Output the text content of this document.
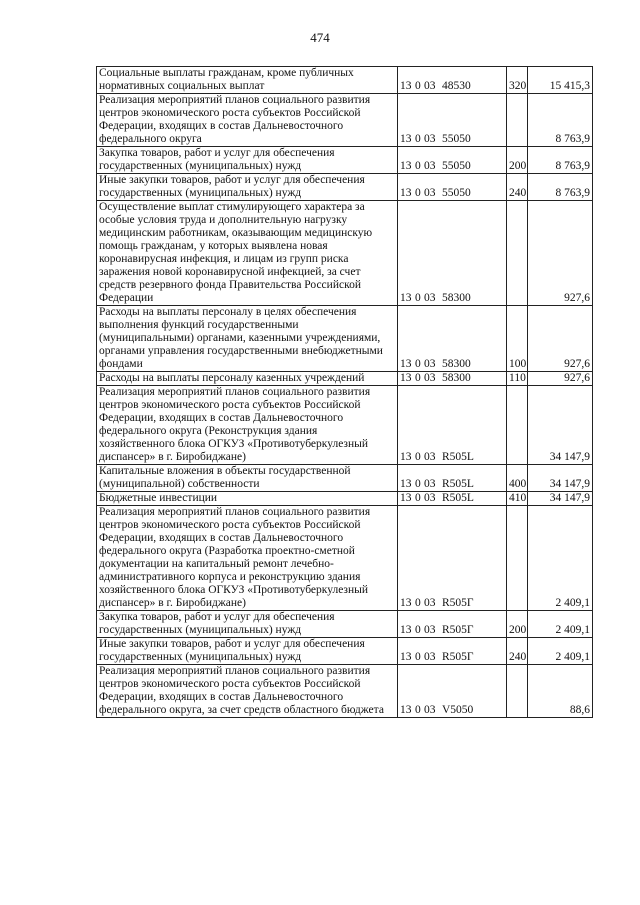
474
Социальные выплаты гражданам, кроме публичных нормативных социальных выплат	13 0 03 48530	320	15 415,3
Реализация мероприятий планов социального развития центров экономического роста субъектов Российской Федерации, входящих в состав Дальневосточного федерального округа	13 0 03 55050		8 763,9
Закупка товаров, работ и услуг для обеспечения государственных (муниципальных) нужд	13 0 03 55050	200	8 763,9
Иные закупки товаров, работ и услуг для обеспечения государственных (муниципальных) нужд	13 0 03 55050	240	8 763,9
Осуществление выплат стимулирующего характера за особые условия труда и дополнительную нагрузку медицинским работникам, оказывающим медицинскую помощь гражданам, у которых выявлена новая коронавирусная инфекция, и лицам из групп риска заражения новой коронавирусной инфекцией, за счет средств резервного фонда Правительства Российской Федерации	13 0 03 58300		927,6
Расходы на выплаты персоналу в целях обеспечения выполнения функций государственными (муниципальными) органами, казенными учреждениями, органами управления государственными внебюджетными фондами	13 0 03 58300	100	927,6
Расходы на выплаты персоналу казенных учреждений	13 0 03 58300	110	927,6
Реализация мероприятий планов социального развития центров экономического роста субъектов Российской Федерации, входящих в состав Дальневосточного федерального округа (Реконструкция здания хозяйственного блока ОГКУЗ «Противотуберкулезный диспансер» в г. Биробиджане)	13 0 03 R505L		34 147,9
Капитальные вложения в объекты государственной (муниципальной) собственности	13 0 03 R505L	400	34 147,9
Бюджетные инвестиции	13 0 03 R505L	410	34 147,9
Реализация мероприятий планов социального развития центров экономического роста субъектов Российской Федерации, входящих в состав Дальневосточного федерального округа (Разработка проектно-сметной документации на капитальный ремонт лечебно-административного корпуса и реконструкцию здания хозяйственного блока ОГКУЗ «Противотуберкулезный диспансер» в г. Биробиджане)	13 0 03 R505Г		2 409,1
Закупка товаров, работ и услуг для обеспечения государственных (муниципальных) нужд	13 0 03 R505Г	200	2 409,1
Иные закупки товаров, работ и услуг для обеспечения государственных (муниципальных) нужд	13 0 03 R505Г	240	2 409,1
Реализация мероприятий планов социального развития центров экономического роста субъектов Российской Федерации, входящих в состав Дальневосточного федерального округа, за счет средств областного бюджета	13 0 03 V5050		88,6
